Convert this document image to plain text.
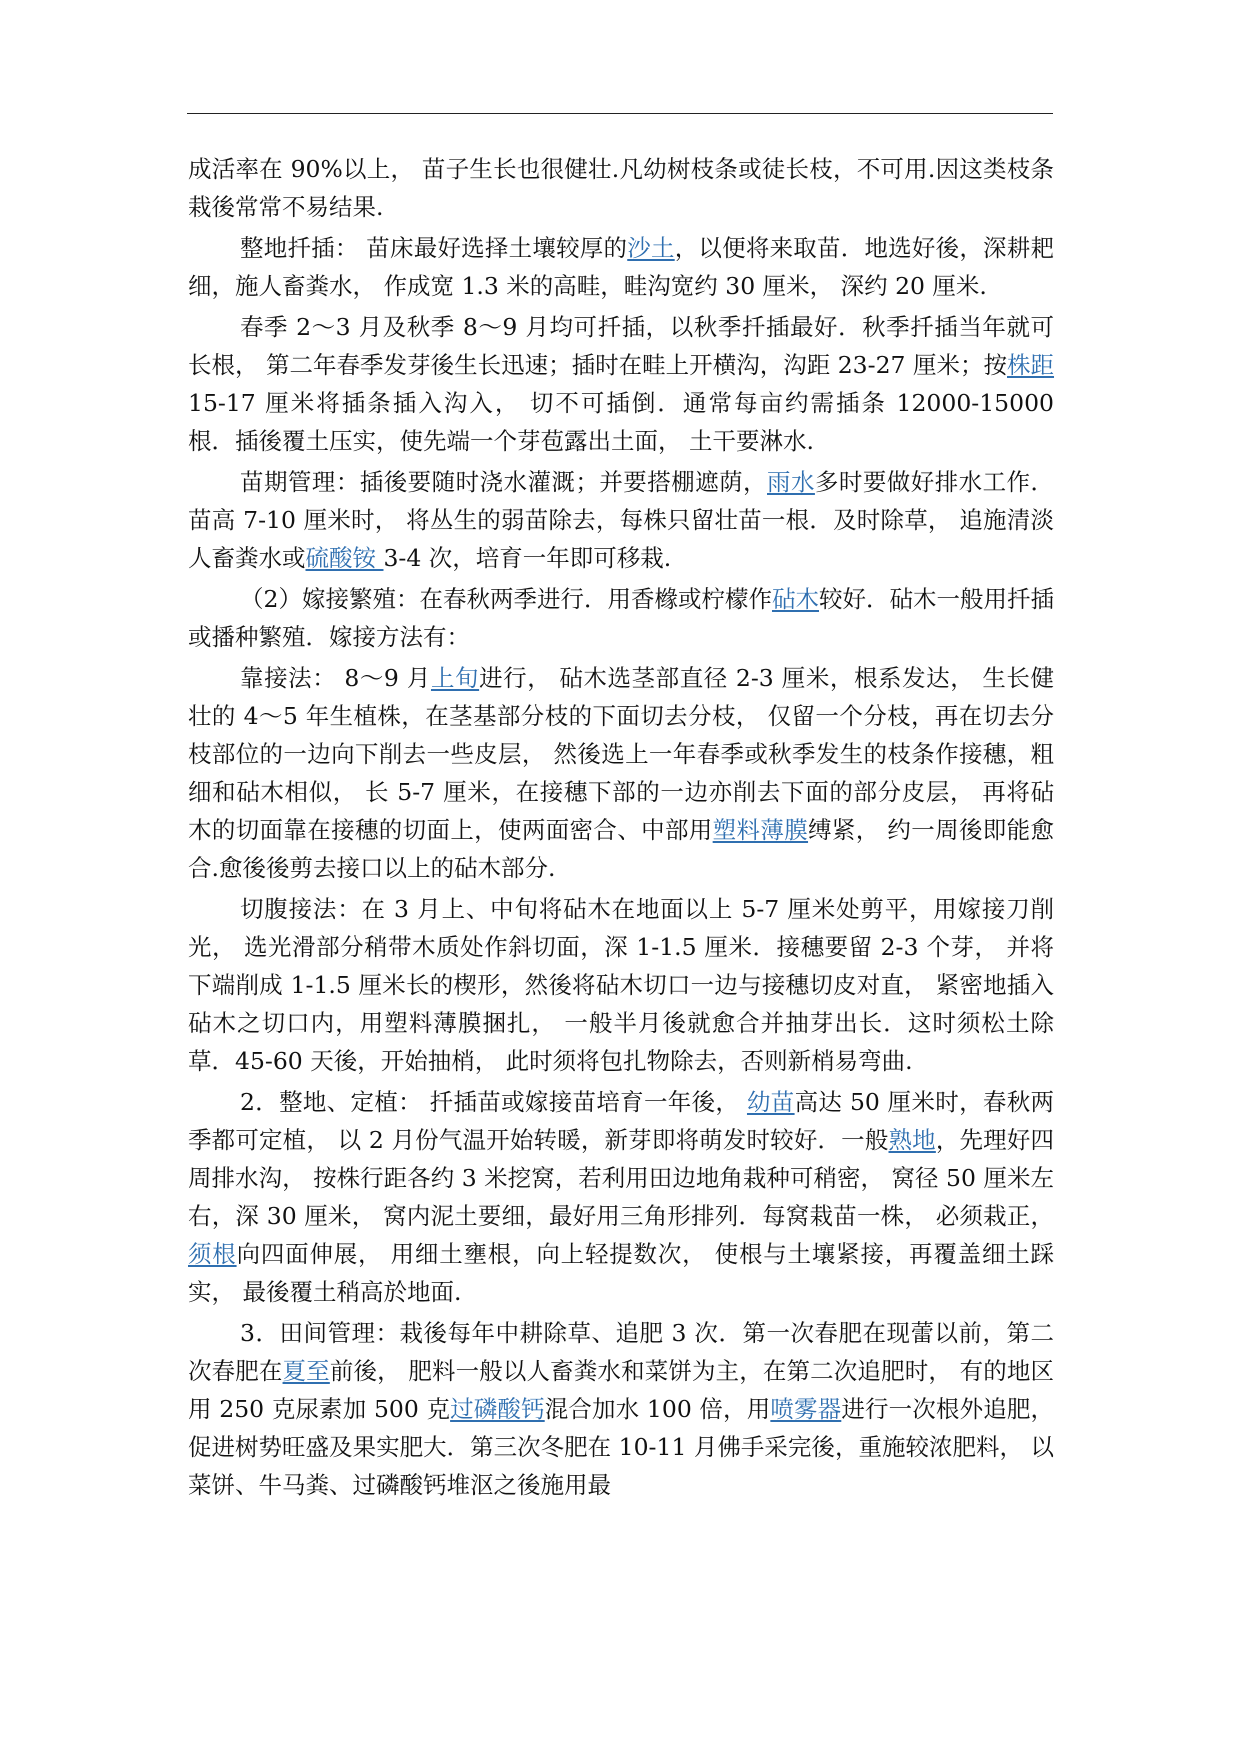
成活率在 90%以上， 苗子生长也很健壮.凡幼树枝条或徒长枝，不可用.因这类枝条栽後常常不易结果.

整地扦插： 苗床最好选择土壤较厚的沙土，以便将来取苗．地选好後，深耕耙细，施人畜粪水， 作成宽 1.3 米的高畦，畦沟宽约 30 厘米， 深约 20 厘米.

春季 2～3 月及秋季 8～9 月均可扦插，以秋季扦插最好．秋季扦插当年就可长根， 第二年春季发芽後生长迅速；插时在畦上开横沟，沟距 23-27 厘米；按株距 15-17 厘米将插条插入沟入， 切不可插倒．通常每亩约需插条 12000-15000 根．插後覆土压实，使先端一个芽苞露出土面， 土干要淋水.

苗期管理：插後要随时浇水灌溉；并要搭棚遮荫，雨水多时要做好排水工作．苗高 7-10 厘米时， 将丛生的弱苗除去，每株只留壮苗一根．及时除草， 追施清淡人畜粪水或硫酸铵 3-4 次，培育一年即可移栽.

（2）嫁接繁殖：在春秋两季进行．用香橼或柠檬作砧木较好．砧木一般用扦插或播种繁殖．嫁接方法有：

靠接法： 8～9 月上旬进行， 砧木选茎部直径 2-3 厘米，根系发达， 生长健壮的 4～5 年生植株，在茎基部分枝的下面切去分枝， 仅留一个分枝，再在切去分枝部位的一边向下削去一些皮层， 然後选上一年春季或秋季发生的枝条作接穗，粗细和砧木相似， 长 5-7 厘米，在接穗下部的一边亦削去下面的部分皮层， 再将砧木的切面靠在接穗的切面上，使两面密合、中部用塑料薄膜缚紧， 约一周後即能愈合.愈後後剪去接口以上的砧木部分.

切腹接法：在 3 月上、中旬将砧木在地面以上 5-7 厘米处剪平，用嫁接刀削光， 选光滑部分稍带木质处作斜切面，深 1-1.5 厘米．接穗要留 2-3 个芽， 并将下端削成 1-1.5 厘米长的楔形，然後将砧木切口一边与接穗切皮对直， 紧密地插入砧木之切口内，用塑料薄膜捆扎， 一般半月後就愈合并抽芽出长．这时须松土除草．45-60 天後，开始抽梢， 此时须将包扎物除去，否则新梢易弯曲.

2．整地、定植： 扦插苗或嫁接苗培育一年後， 幼苗高达 50 厘米时，春秋两季都可定植， 以 2 月份气温开始转暖，新芽即将萌发时较好．一般熟地，先理好四周排水沟， 按株行距各约 3 米挖窝，若利用田边地角栽种可稍密， 窝径 50 厘米左右，深 30 厘米， 窝内泥土要细，最好用三角形排列．每窝栽苗一株， 必须栽正，须根向四面伸展， 用细土壅根，向上轻提数次， 使根与土壤紧接，再覆盖细土踩实， 最後覆土稍高於地面.

3．田间管理：栽後每年中耕除草、追肥 3 次．第一次春肥在现蕾以前，第二次春肥在夏至前後， 肥料一般以人畜粪水和菜饼为主，在第二次追肥时， 有的地区用 250 克尿素加 500 克过磷酸钙混合加水 100 倍，用喷雾器进行一次根外追肥， 促进树势旺盛及果实肥大．第三次冬肥在 10-11 月佛手采完後，重施较浓肥料， 以菜饼、牛马粪、过磷酸钙堆沤之後施用最
